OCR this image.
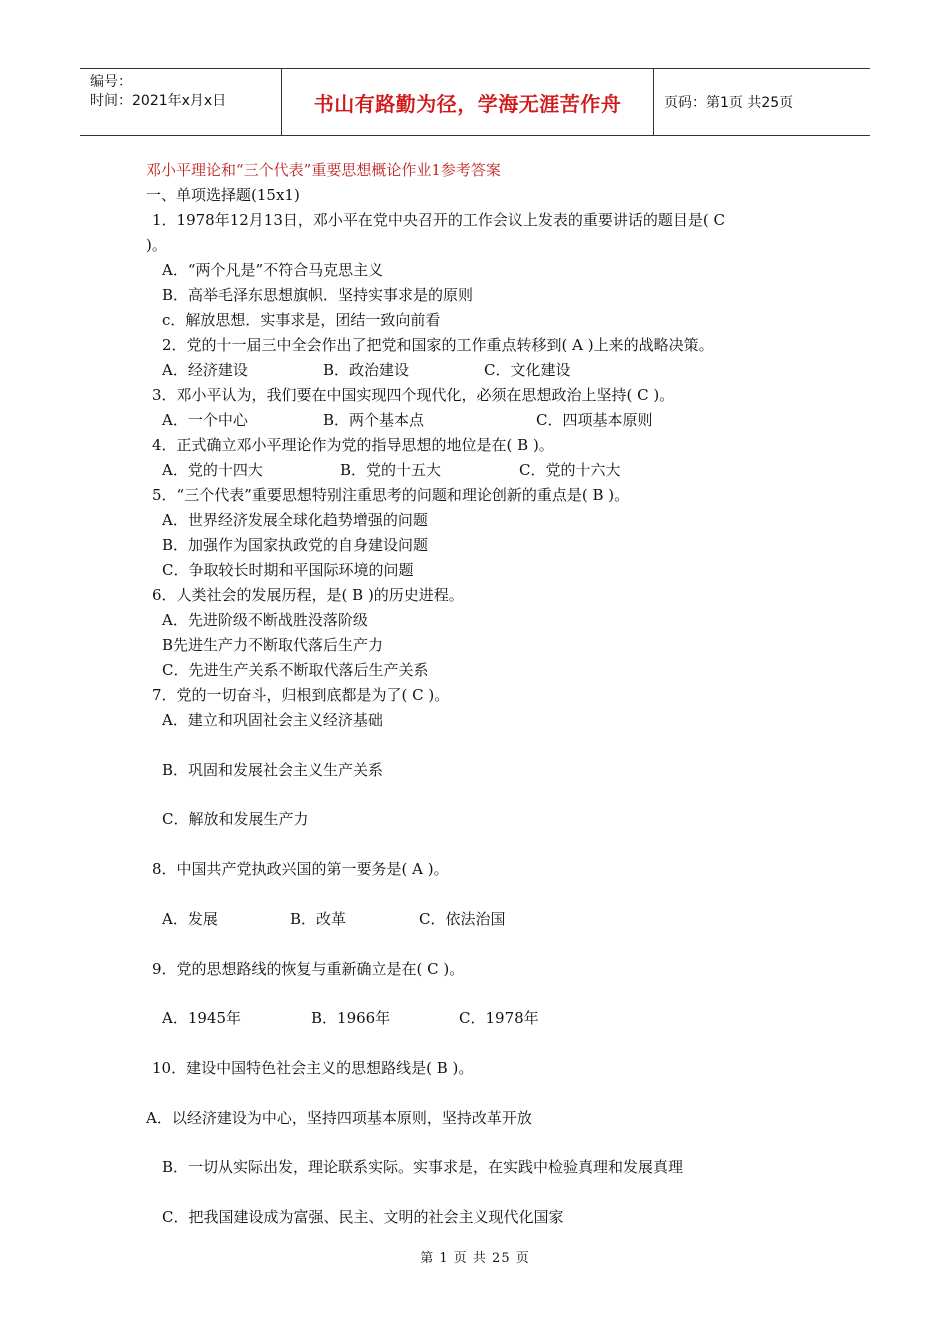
编号：
时间：2021年x月x日	书山有路勤为径，学海无涯苦作舟	页码：第1页 共25页
邓小平理论和“三个代表”重要思想概论作业1参考答案
一、单项选择题(15x1)
1．1978年12月13日，邓小平在党中央召开的工作会议上发表的重要讲话的题目是( C
)。
A．“两个凡是”不符合马克思主义
B．高举毛泽东思想旗帜．坚持实事求是的原则
c．解放思想．实事求是，团结一致向前看
2．党的十一届三中全会作出了把党和国家的工作重点转移到( A )上来的战略决策。
A．经济建设	B．政治建设	C．文化建设
3．邓小平认为，我们要在中国实现四个现代化，必须在思想政治上坚持( C )。
A．一个中心	B．两个基本点	C．四项基本原则
4．正式确立邓小平理论作为党的指导思想的地位是在( B )。
A．党的十四大	B．党的十五大	C．党的十六大
5．“三个代表”重要思想特别注重思考的问题和理论创新的重点是( B )。
A．世界经济发展全球化趋势增强的问题
B．加强作为国家执政党的自身建设问题
C．争取较长时期和平国际环境的问题
6．人类社会的发展历程，是( B )的历史进程。
A．先进阶级不断战胜没落阶级
B先进生产力不断取代落后生产力
C．先进生产关系不断取代落后生产关系
7．党的一切奋斗，归根到底都是为了( C )。
A．建立和巩固社会主义经济基础
B．巩固和发展社会主义生产关系
C．解放和发展生产力
8．中国共产党执政兴国的第一要务是( A )。
A．发展	B．改革	C．依法治国
9．党的思想路线的恢复与重新确立是在( C )。
A．1945年	B．1966年	C．1978年
10．建设中国特色社会主义的思想路线是( B )。
A．以经济建设为中心，坚持四项基本原则，坚持改革开放
B．一切从实际出发，理论联系实际。实事求是，在实践中检验真理和发展真理
C．把我国建设成为富强、民主、文明的社会主义现代化国家
第 1 页 共 25 页
